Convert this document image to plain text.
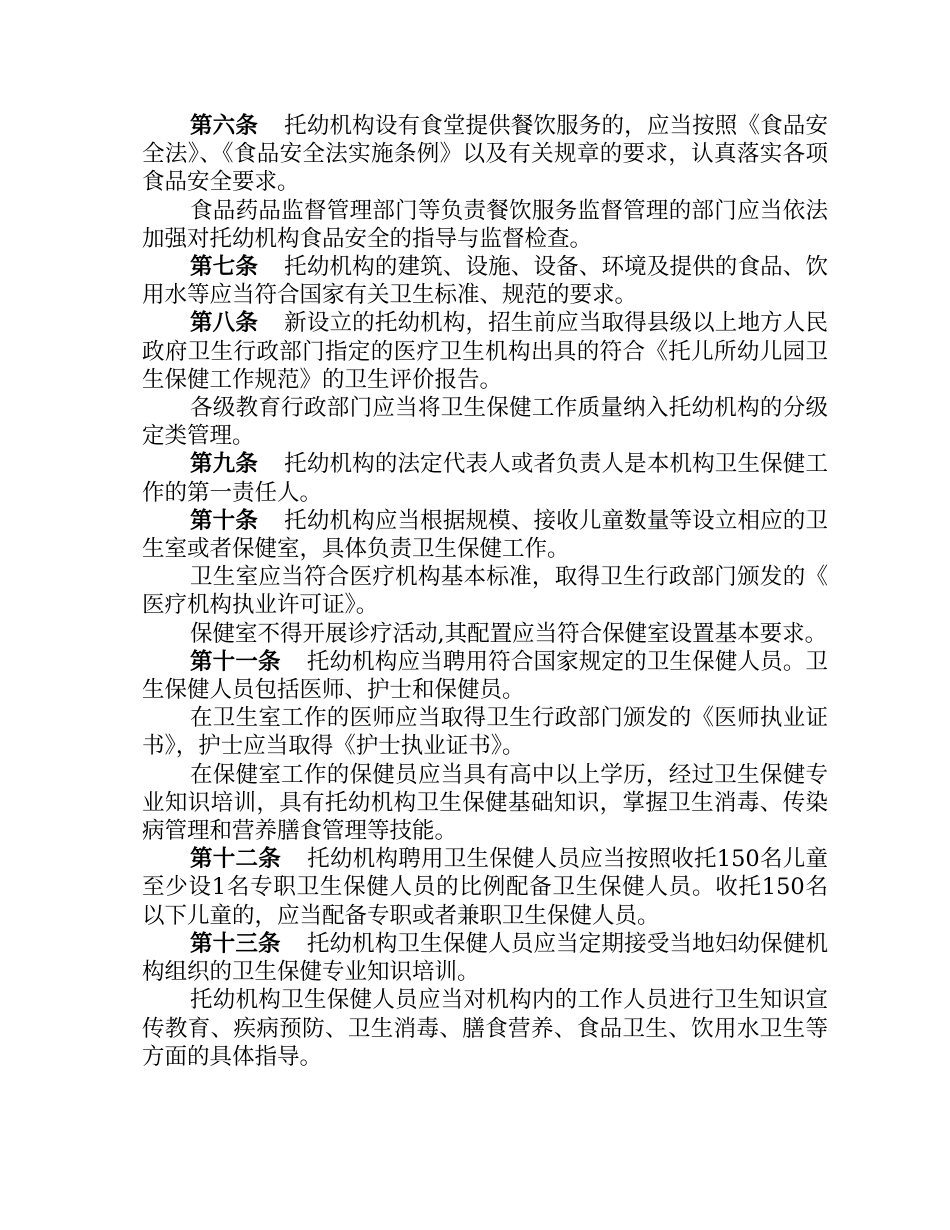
第六条 托幼机构设有食堂提供餐饮服务的，应当按照《食品安全法》、《食品安全法实施条例》以及有关规章的要求，认真落实各项食品安全要求。

食品药品监督管理部门等负责餐饮服务监督管理的部门应当依法加强对托幼机构食品安全的指导与监督检查。

第七条 托幼机构的建筑、设施、设备、环境及提供的食品、饮用水等应当符合国家有关卫生标准、规范的要求。

第八条 新设立的托幼机构，招生前应当取得县级以上地方人民政府卫生行政部门指定的医疗卫生机构出具的符合《托儿所幼儿园卫生保健工作规范》的卫生评价报告。

各级教育行政部门应当将卫生保健工作质量纳入托幼机构的分级定类管理。

第九条 托幼机构的法定代表人或者负责人是本机构卫生保健工作的第一责任人。

第十条 托幼机构应当根据规模、接收儿童数量等设立相应的卫生室或者保健室，具体负责卫生保健工作。

卫生室应当符合医疗机构基本标准，取得卫生行政部门颁发的《医疗机构执业许可证》。

保健室不得开展诊疗活动,其配置应当符合保健室设置基本要求。

第十一条 托幼机构应当聘用符合国家规定的卫生保健人员。卫生保健人员包括医师、护士和保健员。

在卫生室工作的医师应当取得卫生行政部门颁发的《医师执业证书》，护士应当取得《护士执业证书》。

在保健室工作的保健员应当具有高中以上学历，经过卫生保健专业知识培训，具有托幼机构卫生保健基础知识，掌握卫生消毒、传染病管理和营养膳食管理等技能。

第十二条 托幼机构聘用卫生保健人员应当按照收托150名儿童至少设1名专职卫生保健人员的比例配备卫生保健人员。收托150名以下儿童的，应当配备专职或者兼职卫生保健人员。

第十三条 托幼机构卫生保健人员应当定期接受当地妇幼保健机构组织的卫生保健专业知识培训。

托幼机构卫生保健人员应当对机构内的工作人员进行卫生知识宣传教育、疾病预防、卫生消毒、膳食营养、食品卫生、饮用水卫生等方面的具体指导。
